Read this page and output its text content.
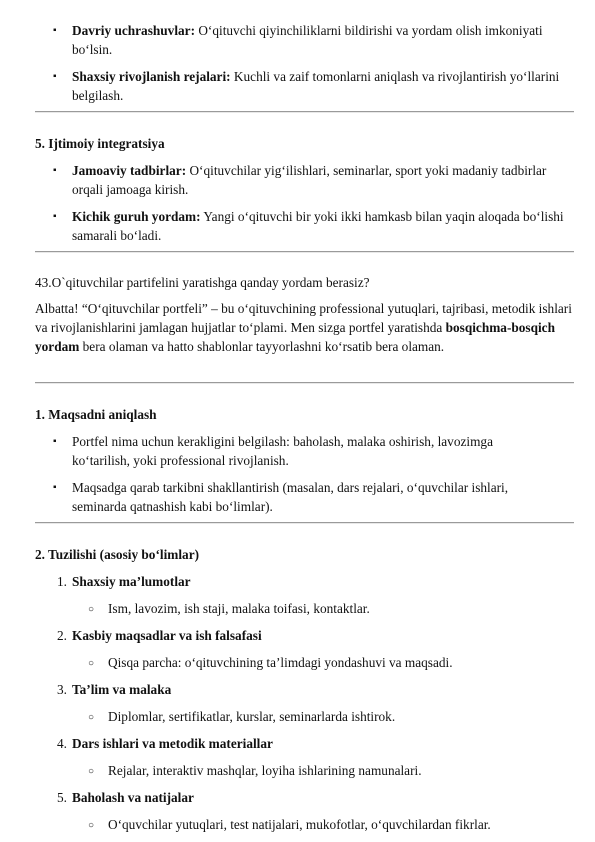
▪ Davriy uchrashuvlar: O‘qituvchi qiyinchiliklarni bildirishi va yordam olish imkoniyati bo‘lsin.
▪ Shaxsiy rivojlanish rejalari: Kuchli va zaif tomonlarni aniqlash va rivojlantirish yo‘llarini belgilash.
5. Ijtimoiy integratsiya
▪ Jamoaviy tadbirlar: O‘qituvchilar yig‘ilishlari, seminarlar, sport yoki madaniy tadbirlar orqali jamoaga kirish.
▪ Kichik guruh yordam: Yangi o‘qituvchi bir yoki ikki hamkasb bilan yaqin aloqada bo‘lishi samarali bo‘ladi.
43.O`qituvchilar partifelini yaratishga qanday yordam berasiz?
Albatta! “O‘qituvchilar portfeli” – bu o‘qituvchining professional yutuqlari, tajribasi, metodik ishlari va rivojlanishlarini jamlagan hujjatlar to‘plami. Men sizga portfel yaratishda bosqichma-bosqich yordam bera olaman va hatto shablonlar tayyorlashni ko‘rsatib bera olaman.
1. Maqsadni aniqlash
▪ Portfel nima uchun kerakligini belgilash: baholash, malaka oshirish, lavozimga ko‘tarilish, yoki professional rivojlanish.
▪ Maqsadga qarab tarkibni shakllantirish (masalan, dars rejalari, o‘quvchilar ishlari, seminarda qatnashish kabi bo‘limlar).
2. Tuzilishi (asosiy bo‘limlar)
1. Shaxsiy ma’lumotlar
○ Ism, lavozim, ish staji, malaka toifasi, kontaktlar.
2. Kasbiy maqsadlar va ish falsafasi
○ Qisqa parcha: o‘qituvchining ta’limdagi yondashuvi va maqsadi.
3. Ta’lim va malaka
○ Diplomlar, sertifikatlar, kurslar, seminarlarda ishtirok.
4. Dars ishlari va metodik materiallar
○ Rejalar, interaktiv mashqlar, loyiha ishlarining namunalari.
5. Baholash va natijalar
○ O‘quvchilar yutuqlari, test natijalari, mukofotlar, o‘quvchilardan fikrlar.
